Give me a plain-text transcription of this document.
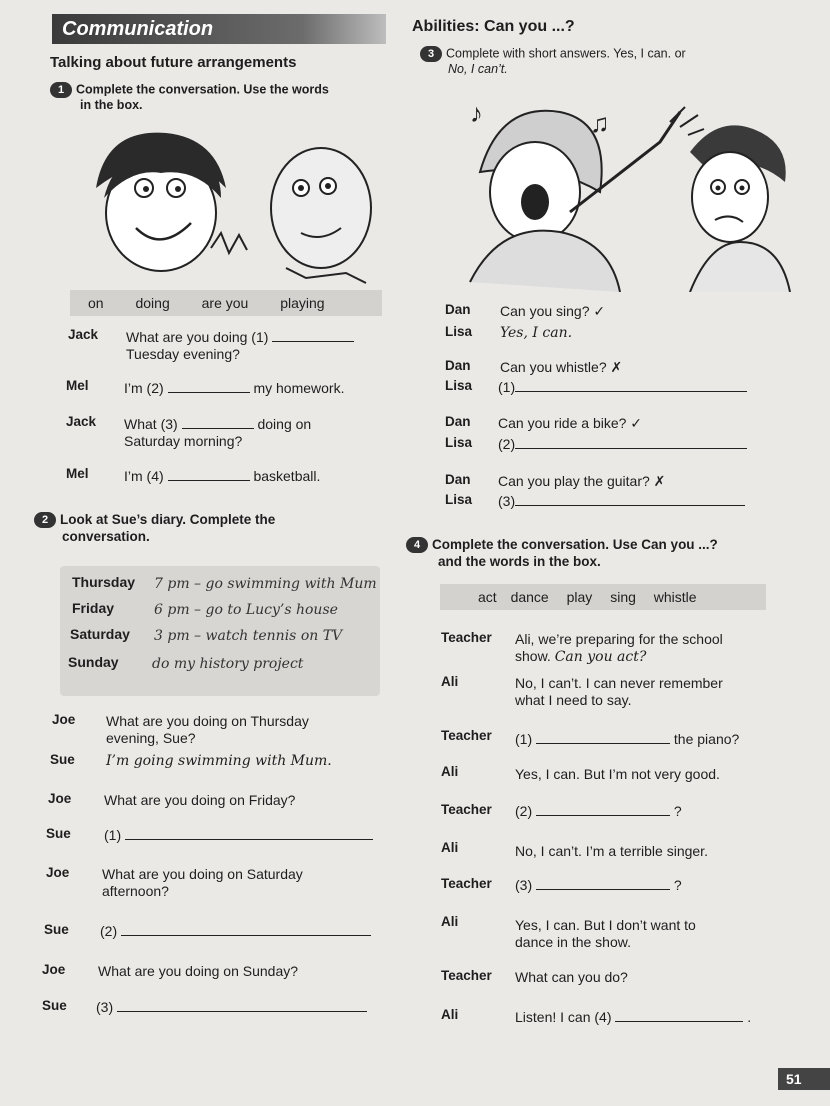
Communication
Talking about future arrangements
1 Complete the conversation. Use the words
in the box.
on doing are you playing
Jack What are you doing (1)
Tuesday evening?
Mel	I’m (2)	my homework.
Jack What (3)	doing on
Saturday morning?
Mel	I’m (4)	basketball.
2 Look at Sue’s diary. Complete the
conversation.
Thursday 7 pm – go swimming with Mum
Friday	6 pm – go to Lucy’s house
Saturday 3 pm – watch tennis on TV
Sunday do my history project
Joe What are you doing on Thursday
evening, Sue?
Sue I’m going swimming with Mum.
Joe What are you doing on Friday?
Sue (1)
Joe What are you doing on Saturday
afternoon?
Sue (2)
Joe What are you doing on Sunday?
Sue (3)
Abilities: Can you ...?
3 Complete with short answers. Yes, I can. or
No, I can’t.
♪	♫
Dan Can you sing? ✓
Lisa Yes, I can.
Dan Can you whistle? ✗
Lisa (1)
Dan Can you ride a bike? ✓
Lisa (2)
Dan Can you play the guitar? ✗
Lisa (3)
4 Complete the conversation. Use Can you ...?
and the words in the box.
act dance play sing whistle
Teacher Ali, we’re preparing for the school
show. Can you act?
Ali	No, I can’t. I can never remember
what I need to say.
Teacher (1)	the piano?
Ali	Yes, I can. But I’m not very good.
Teacher (2)	?
Ali	No, I can’t. I’m a terrible singer.
Teacher (3)	?
Ali	Yes, I can. But I don’t want to
dance in the show.
Teacher What can you do?
Ali	Listen! I can (4)	.
51
